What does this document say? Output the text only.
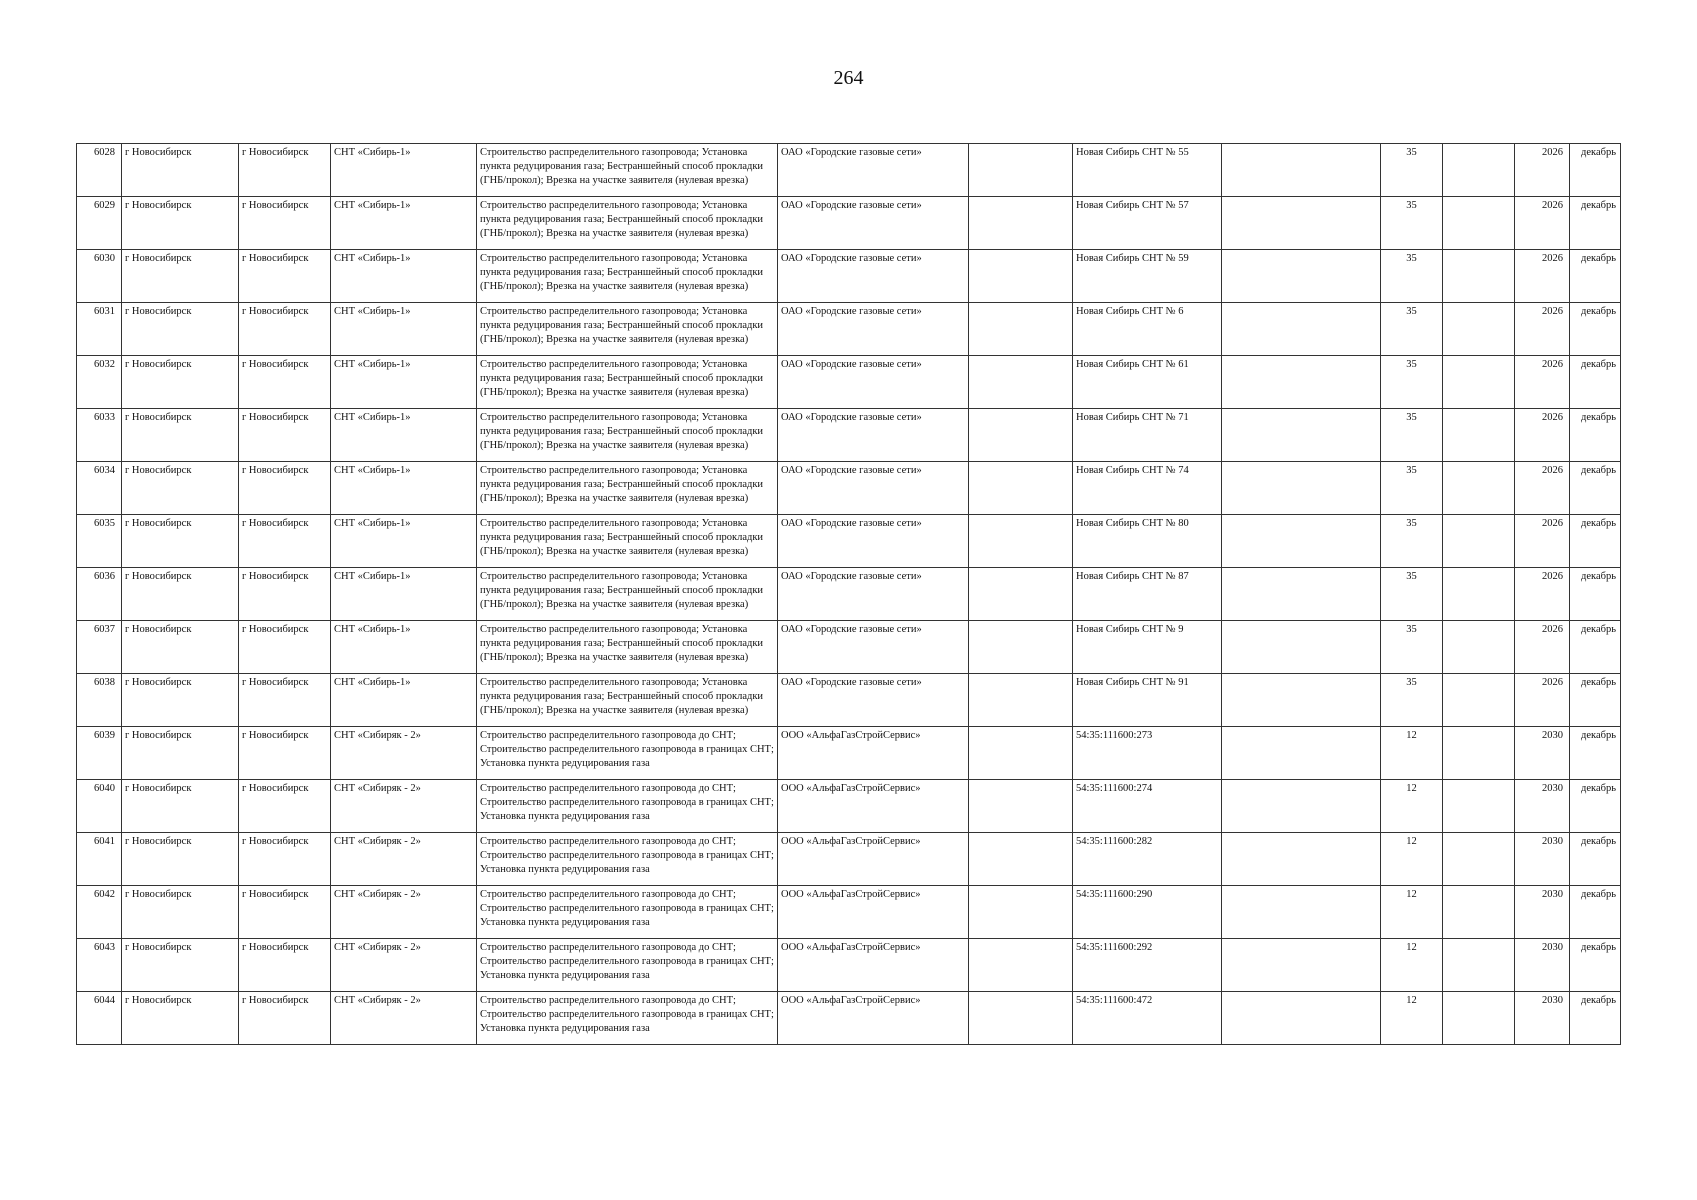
264
6028	г Новосибирск	г Новосибирск	СНТ «Сибирь-1»	Строительство распределительного газопровода; Установка пункта редуцирования газа; Бестраншейный способ прокладки (ГНБ/прокол); Врезка на участке заявителя (нулевая врезка)	ОАО «Городские газовые сети»		Новая Сибирь СНТ № 55		35		2026	декабрь
6029	г Новосибирск	г Новосибирск	СНТ «Сибирь-1»	Строительство распределительного газопровода; Установка пункта редуцирования газа; Бестраншейный способ прокладки (ГНБ/прокол); Врезка на участке заявителя (нулевая врезка)	ОАО «Городские газовые сети»		Новая Сибирь СНТ № 57		35		2026	декабрь
6030	г Новосибирск	г Новосибирск	СНТ «Сибирь-1»	Строительство распределительного газопровода; Установка пункта редуцирования газа; Бестраншейный способ прокладки (ГНБ/прокол); Врезка на участке заявителя (нулевая врезка)	ОАО «Городские газовые сети»		Новая Сибирь СНТ № 59		35		2026	декабрь
6031	г Новосибирск	г Новосибирск	СНТ «Сибирь-1»	Строительство распределительного газопровода; Установка пункта редуцирования газа; Бестраншейный способ прокладки (ГНБ/прокол); Врезка на участке заявителя (нулевая врезка)	ОАО «Городские газовые сети»		Новая Сибирь СНТ № 6		35		2026	декабрь
6032	г Новосибирск	г Новосибирск	СНТ «Сибирь-1»	Строительство распределительного газопровода; Установка пункта редуцирования газа; Бестраншейный способ прокладки (ГНБ/прокол); Врезка на участке заявителя (нулевая врезка)	ОАО «Городские газовые сети»		Новая Сибирь СНТ № 61		35		2026	декабрь
6033	г Новосибирск	г Новосибирск	СНТ «Сибирь-1»	Строительство распределительного газопровода; Установка пункта редуцирования газа; Бестраншейный способ прокладки (ГНБ/прокол); Врезка на участке заявителя (нулевая врезка)	ОАО «Городские газовые сети»		Новая Сибирь СНТ № 71		35		2026	декабрь
6034	г Новосибирск	г Новосибирск	СНТ «Сибирь-1»	Строительство распределительного газопровода; Установка пункта редуцирования газа; Бестраншейный способ прокладки (ГНБ/прокол); Врезка на участке заявителя (нулевая врезка)	ОАО «Городские газовые сети»		Новая Сибирь СНТ № 74		35		2026	декабрь
6035	г Новосибирск	г Новосибирск	СНТ «Сибирь-1»	Строительство распределительного газопровода; Установка пункта редуцирования газа; Бестраншейный способ прокладки (ГНБ/прокол); Врезка на участке заявителя (нулевая врезка)	ОАО «Городские газовые сети»		Новая Сибирь СНТ № 80		35		2026	декабрь
6036	г Новосибирск	г Новосибирск	СНТ «Сибирь-1»	Строительство распределительного газопровода; Установка пункта редуцирования газа; Бестраншейный способ прокладки (ГНБ/прокол); Врезка на участке заявителя (нулевая врезка)	ОАО «Городские газовые сети»		Новая Сибирь СНТ № 87		35		2026	декабрь
6037	г Новосибирск	г Новосибирск	СНТ «Сибирь-1»	Строительство распределительного газопровода; Установка пункта редуцирования газа; Бестраншейный способ прокладки (ГНБ/прокол); Врезка на участке заявителя (нулевая врезка)	ОАО «Городские газовые сети»		Новая Сибирь СНТ № 9		35		2026	декабрь
6038	г Новосибирск	г Новосибирск	СНТ «Сибирь-1»	Строительство распределительного газопровода; Установка пункта редуцирования газа; Бестраншейный способ прокладки (ГНБ/прокол); Врезка на участке заявителя (нулевая врезка)	ОАО «Городские газовые сети»		Новая Сибирь СНТ № 91		35		2026	декабрь
6039	г Новосибирск	г Новосибирск	СНТ «Сибиряк - 2»	Строительство распределительного газопровода до СНТ; Строительство распределительного газопровода в границах СНТ; Установка пункта редуцирования газа	ООО «АльфаГазСтройСервис»		54:35:111600:273		12		2030	декабрь
6040	г Новосибирск	г Новосибирск	СНТ «Сибиряк - 2»	Строительство распределительного газопровода до СНТ; Строительство распределительного газопровода в границах СНТ; Установка пункта редуцирования газа	ООО «АльфаГазСтройСервис»		54:35:111600:274		12		2030	декабрь
6041	г Новосибирск	г Новосибирск	СНТ «Сибиряк - 2»	Строительство распределительного газопровода до СНТ; Строительство распределительного газопровода в границах СНТ; Установка пункта редуцирования газа	ООО «АльфаГазСтройСервис»		54:35:111600:282		12		2030	декабрь
6042	г Новосибирск	г Новосибирск	СНТ «Сибиряк - 2»	Строительство распределительного газопровода до СНТ; Строительство распределительного газопровода в границах СНТ; Установка пункта редуцирования газа	ООО «АльфаГазСтройСервис»		54:35:111600:290		12		2030	декабрь
6043	г Новосибирск	г Новосибирск	СНТ «Сибиряк - 2»	Строительство распределительного газопровода до СНТ; Строительство распределительного газопровода в границах СНТ; Установка пункта редуцирования газа	ООО «АльфаГазСтройСервис»		54:35:111600:292		12		2030	декабрь
6044	г Новосибирск	г Новосибирск	СНТ «Сибиряк - 2»	Строительство распределительного газопровода до СНТ; Строительство распределительного газопровода в границах СНТ; Установка пункта редуцирования газа	ООО «АльфаГазСтройСервис»		54:35:111600:472		12		2030	декабрь
